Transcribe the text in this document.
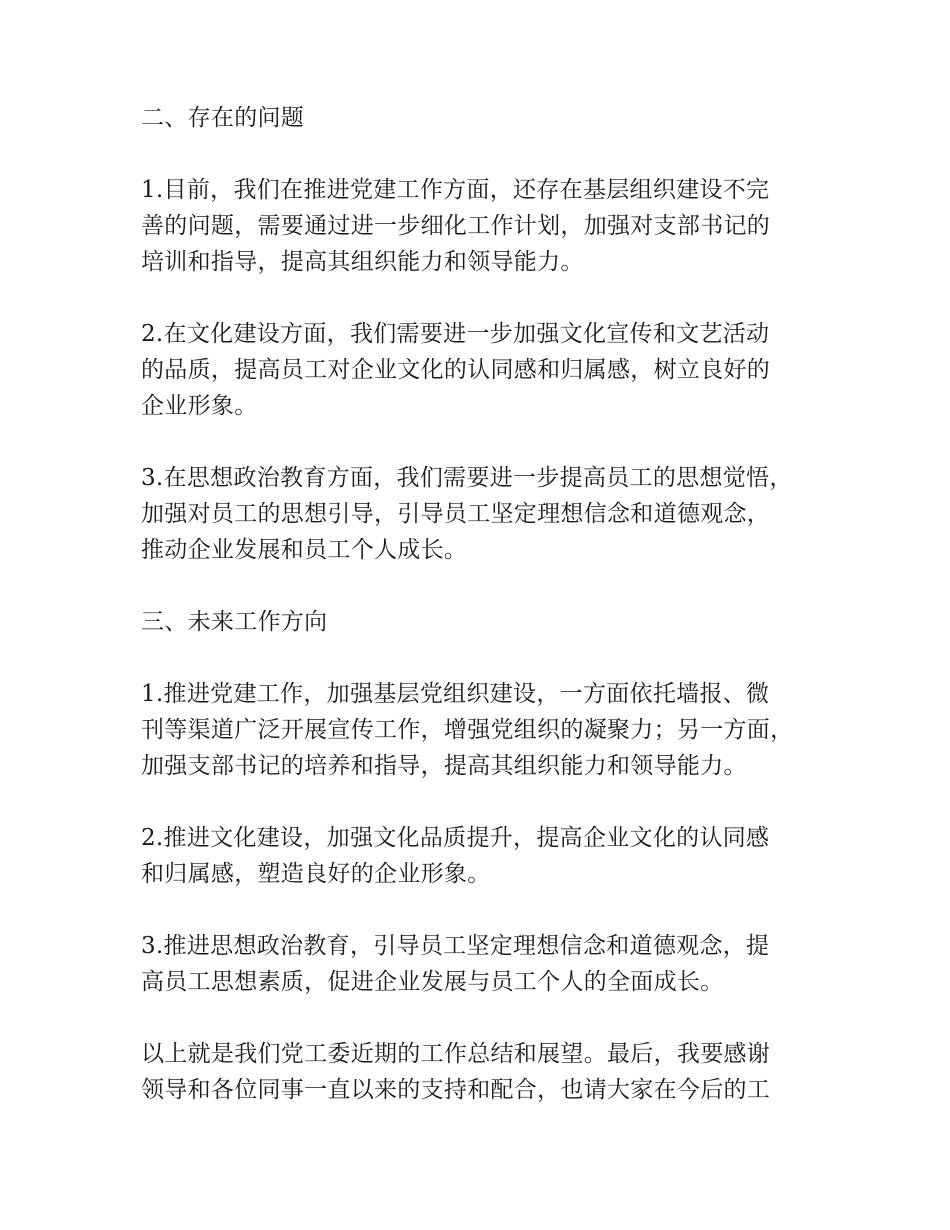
二、存在的问题

1.目前，我们在推进党建工作方面，还存在基层组织建设不完
善的问题，需要通过进一步细化工作计划，加强对支部书记的
培训和指导，提高其组织能力和领导能力。

2.在文化建设方面，我们需要进一步加强文化宣传和文艺活动
的品质，提高员工对企业文化的认同感和归属感，树立良好的
企业形象。

3.在思想政治教育方面，我们需要进一步提高员工的思想觉悟，
加强对员工的思想引导，引导员工坚定理想信念和道德观念，
推动企业发展和员工个人成长。

三、未来工作方向

1.推进党建工作，加强基层党组织建设，一方面依托墙报、微
刊等渠道广泛开展宣传工作，增强党组织的凝聚力；另一方面，
加强支部书记的培养和指导，提高其组织能力和领导能力。

2.推进文化建设，加强文化品质提升，提高企业文化的认同感
和归属感，塑造良好的企业形象。

3.推进思想政治教育，引导员工坚定理想信念和道德观念，提
高员工思想素质，促进企业发展与员工个人的全面成长。

以上就是我们党工委近期的工作总结和展望。最后，我要感谢
领导和各位同事一直以来的支持和配合，也请大家在今后的工
